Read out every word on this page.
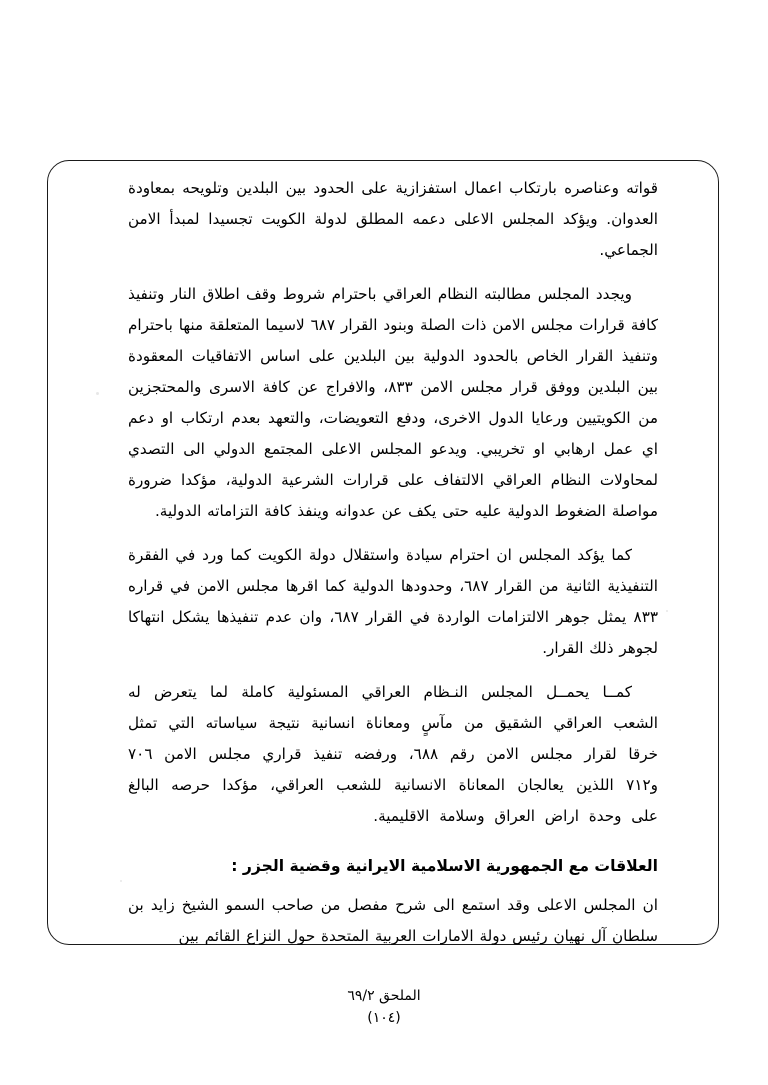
قواته وعناصره بارتكاب اعمال استفزازية على الحدود بين البلدين وتلويحه بمعاودة العدوان. ويؤكد المجلس الاعلى دعمه المطلق لدولة الكويت تجسيدا لمبدأ الامن الجماعي.

ويجدد المجلس مطالبته النظام العراقي باحترام شروط وقف اطلاق النار وتنفيذ كافة قرارات مجلس الامن ذات الصلة وبنود القرار ٦٨٧ لاسيما المتعلقة منها باحترام وتنفيذ القرار الخاص بالحدود الدولية بين البلدين على اساس الاتفاقيات المعقودة بين البلدين ووفق قرار مجلس الامن ٨٣٣، والافراج عن كافة الاسرى والمحتجزين من الكويتيين ورعايا الدول الاخرى، ودفع التعويضات، والتعهد بعدم ارتكاب او دعم اي عمل ارهابي او تخريبي. ويدعو المجلس الاعلى المجتمع الدولي الى التصدي لمحاولات النظام العراقي الالتفاف على قرارات الشرعية الدولية، مؤكدا ضرورة مواصلة الضغوط الدولية عليه حتى يكف عن عدوانه وينفذ كافة التزاماته الدولية.

كما يؤكد المجلس ان احترام سيادة واستقلال دولة الكويت كما ورد في الفقرة التنفيذية الثانية من القرار ٦٨٧، وحدودها الدولية كما اقرها مجلس الامن في قراره ٨٣٣ يمثل جوهر الالتزامات الواردة في القرار ٦٨٧، وان عدم تنفيذها يشكل انتهاكا لجوهر ذلك القرار.

كمــا يحمــل المجلس النـظام العراقي المسئولية كاملة لما يتعرض له الشعب العراقي الشقيق من مآسٍ ومعاناة انسانية نتيجة سياساته التي تمثل خرقا لقرار مجلس الامن رقم ٦٨٨، ورفضه تنفيذ قراري مجلس الامن ٧٠٦ و٧١٢ اللذين يعالجان المعاناة الانسانية للشعب العراقي، مؤكدا حرصه البالغ على وحدة اراض العراق وسلامة الاقليمية.

العلاقات مع الجمهورية الاسلامية الايرانية وقضية الجزر :

ان المجلس الاعلى وقد استمع الى شرح مفصل من صاحب السمو الشيخ زايد بن سلطان آل نهيان رئيس دولة الامارات العربية المتحدة حول النزاع القائم بين

الملحق ٦٩/٢

(١٠٤)
